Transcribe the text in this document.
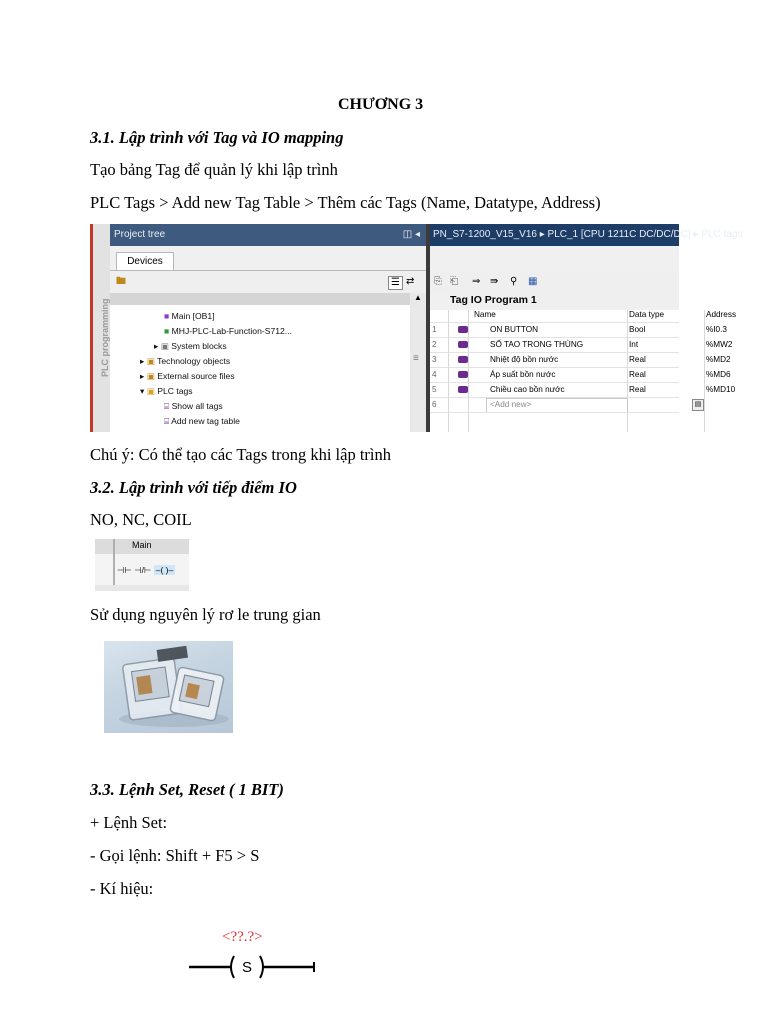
CHƯƠNG 3
3.1. Lập trình với Tag và IO mapping
Tạo bảng Tag để quản lý khi lập trình
PLC Tags > Add new Tag Table > Thêm các Tags (Name, Datatype, Address)
PLC programming
Project tree	◫ ◂	PN_S7-1200_V15_V16 ▸ PLC_1 [CPU 1211C DC/DC/DC] ▸ PLC tags
Devices
🖿	☰ ⇄
■ Main [OB1]
■ MHJ-PLC-Lab-Function-S712...
▸ ▣ System blocks
▸ ▣ Technology objects
▸ ▣ External source files
▾ ▣ PLC tags
⌸ Show all tags
⌸ Add new tag table
▲
≡
⎘ ⎗ ⇒ ⇛ ⚲ ▦
Tag IO Program 1
Name	Data type	Address
1	ON BUTTON	Bool	%I0.3
2	SỐ TAO TRONG THÙNG	Int	%MW2
3	Nhiệt độ bồn nước	Real	%MD2
4	Áp suất bồn nước	Real	%MD6
5	Chiều cao bồn nước	Real	%MD10
6	<Add new>	▤
Chú ý: Có thể tạo các Tags trong khi lập trình
3.2. Lập trình với tiếp điểm IO
NO, NC, COIL
Main
⊣⊢ ⊣/⊢ –( )–
Sử dụng nguyên lý rơ le trung gian
3.3. Lệnh Set, Reset ( 1 BIT)
+ Lệnh Set:
- Gọi lệnh: Shift + F5 > S
- Kí hiệu:
<??.?>
S
